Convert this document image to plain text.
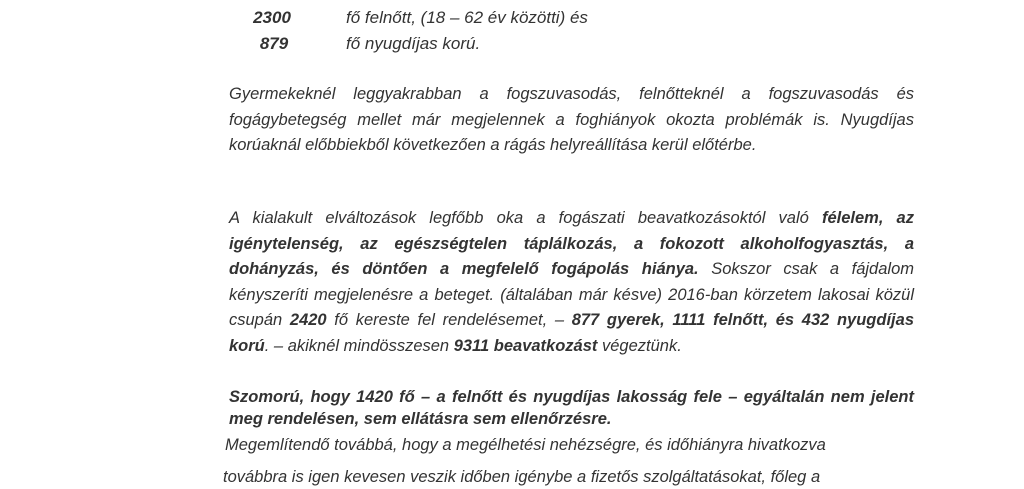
2300	fő felnőtt, (18 – 62 év közötti) és
879	fő nyugdíjas korú.

Gyermekeknél leggyakrabban a fogszuvasodás, felnőtteknél a fogszuvasodás és fogágybetegség mellet már megjelennek a foghiányok okozta problémák is. Nyugdíjas korúaknál előbbiekből következően a rágás helyreállítása kerül előtérbe.

A kialakult elváltozások legfőbb oka a fogászati beavatkozásoktól való félelem, az igénytelenség, az egészségtelen táplálkozás, a fokozott alkoholfogyasztás, a dohányzás, és döntően a megfelelő fogápolás hiánya. Sokszor csak a fájdalom kényszeríti megjelenésre a beteget. (általában már késve) 2016-ban körzetem lakosai közül csupán 2420 fő kereste fel rendelésemet, – 877 gyerek, 1111 felnőtt, és 432 nyugdíjas korú. – akiknél mindösszesen 9311 beavatkozást végeztünk.

Szomorú, hogy 1420 fő – a felnőtt és nyugdíjas lakosság fele – egyáltalán nem jelent meg rendelésen, sem ellátásra sem ellenőrzésre.

Megemlítendő továbbá, hogy a megélhetési nehézségre, és időhiányra hivatkozva
továbbra is igen kevesen veszik időben igénybe a fizetős szolgáltatásokat, főleg a
